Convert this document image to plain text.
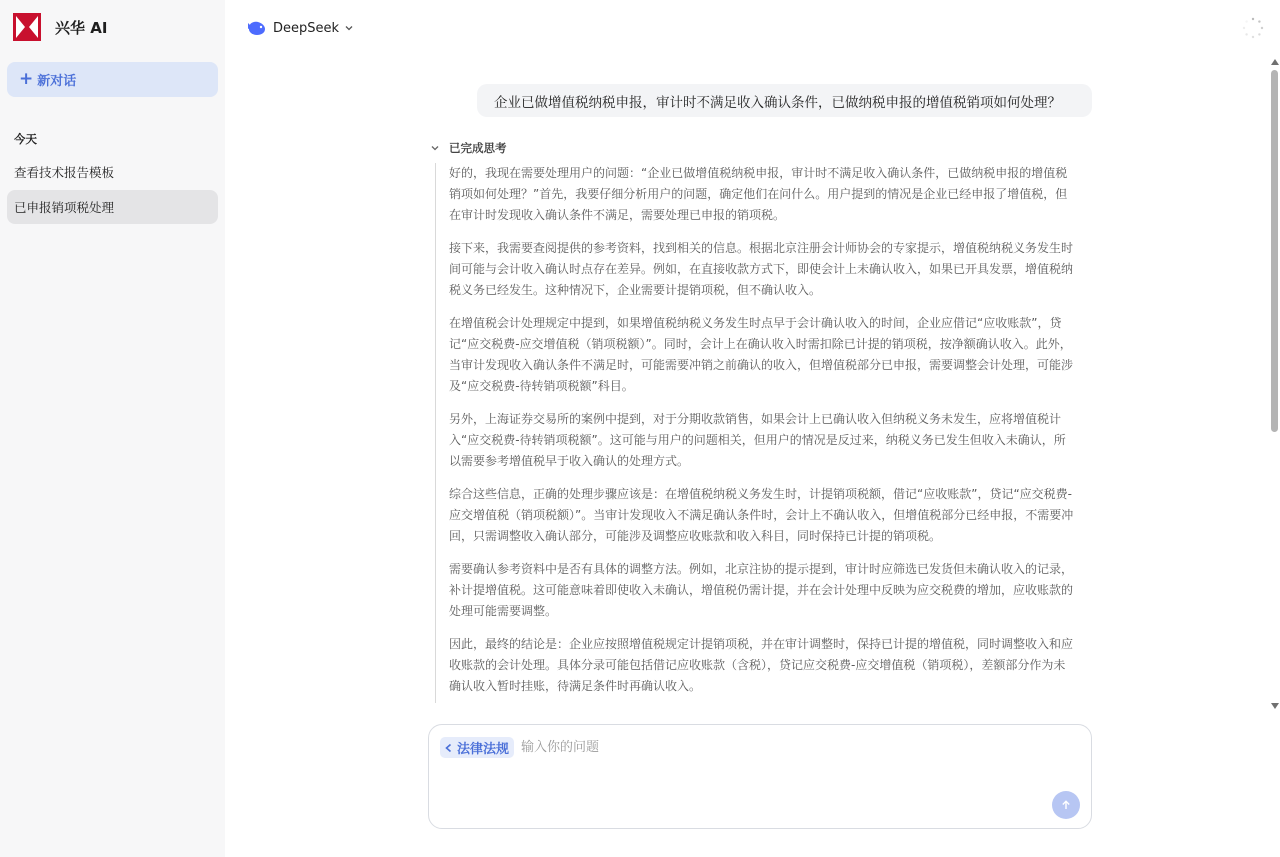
兴华 AI
+ 新对话
今天
查看技术报告模板
已申报销项税处理
DeepSeek
企业已做增值税纳税申报，审计时不满足收入确认条件，已做纳税申报的增值税销项如何处理？
已完成思考

好的，我现在需要处理用户的问题：“企业已做增值税纳税申报，审计时不满足收入确认条件，已做纳税申报的增值税销项如何处理？”首先，我要仔细分析用户的问题，确定他们在问什么。用户提到的情况是企业已经申报了增值税，但在审计时发现收入确认条件不满足，需要处理已申报的销项税。

接下来，我需要查阅提供的参考资料，找到相关的信息。根据北京注册会计师协会的专家提示，增值税纳税义务发生时间可能与会计收入确认时点存在差异。例如，在直接收款方式下，即使会计上未确认收入，如果已开具发票，增值税纳税义务已经发生。这种情况下，企业需要计提销项税，但不确认收入。

在增值税会计处理规定中提到，如果增值税纳税义务发生时点早于会计确认收入的时间，企业应借记“应收账款”，贷记“应交税费-应交增值税（销项税额）”。同时，会计上在确认收入时需扣除已计提的销项税，按净额确认收入。此外，当审计发现收入确认条件不满足时，可能需要冲销之前确认的收入，但增值税部分已申报，需要调整会计处理，可能涉及“应交税费-待转销项税额”科目。

另外，上海证券交易所的案例中提到，对于分期收款销售，如果会计上已确认收入但纳税义务未发生，应将增值税计入“应交税费-待转销项税额”。这可能与用户的问题相关，但用户的情况是反过来，纳税义务已发生但收入未确认，所以需要参考增值税早于收入确认的处理方式。

综合这些信息，正确的处理步骤应该是：在增值税纳税义务发生时，计提销项税额，借记“应收账款”，贷记“应交税费-应交增值税（销项税额）”。当审计发现收入不满足确认条件时，会计上不确认收入，但增值税部分已经申报，不需要冲回，只需调整收入确认部分，可能涉及调整应收账款和收入科目，同时保持已计提的销项税。

需要确认参考资料中是否有具体的调整方法。例如，北京注协的提示提到，审计时应筛选已发货但未确认收入的记录，补计提增值税。这可能意味着即使收入未确认，增值税仍需计提，并在会计处理中反映为应交税费的增加，应收账款的处理可能需要调整。

因此，最终的结论是：企业应按照增值税规定计提销项税，并在审计调整时，保持已计提的增值税，同时调整收入和应收账款的会计处理。具体分录可能包括借记应收账款（含税），贷记应交税费-应交增值税（销项税），差额部分作为未确认收入暂时挂账，待满足条件时再确认收入。

法律法规
输入你的问题
